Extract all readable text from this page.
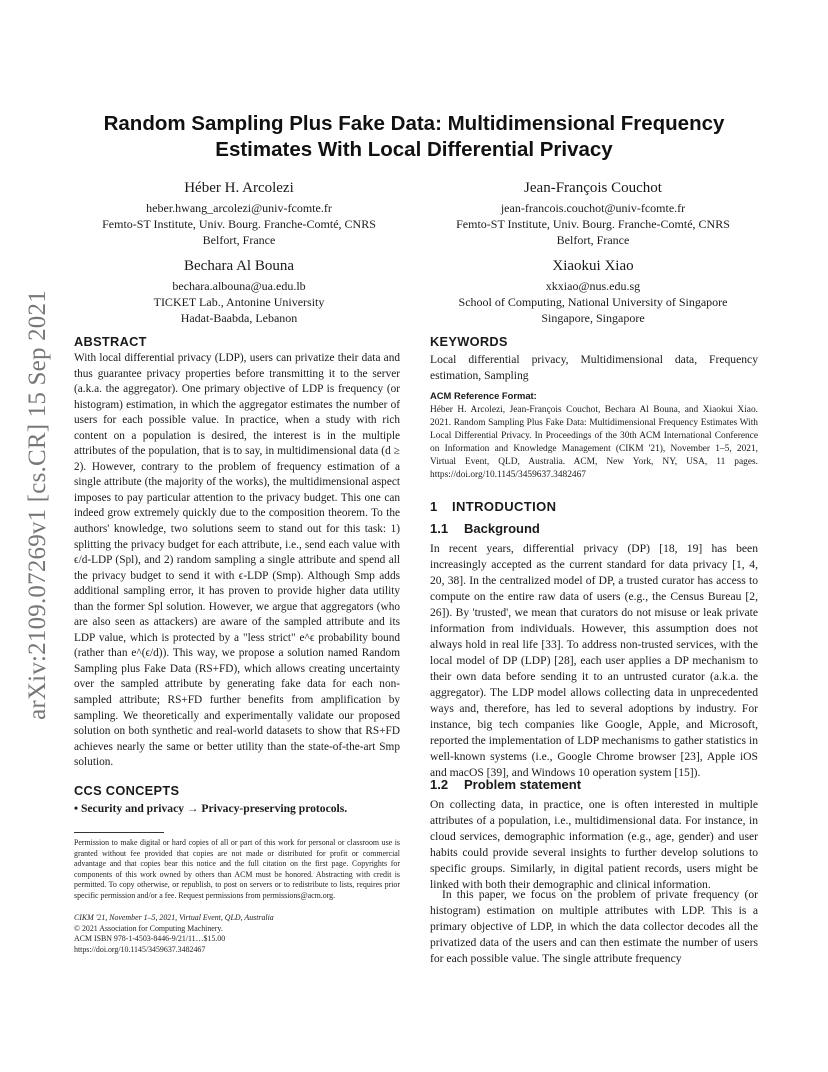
arXiv:2109.07269v1 [cs.CR] 15 Sep 2021
Random Sampling Plus Fake Data: Multidimensional Frequency
Estimates With Local Differential Privacy
Héber H. Arcolezi
heber.hwang_arcolezi@univ-fcomte.fr
Femto-ST Institute, Univ. Bourg. Franche-Comté, CNRS
Belfort, France
Jean-François Couchot
jean-francois.couchot@univ-fcomte.fr
Femto-ST Institute, Univ. Bourg. Franche-Comté, CNRS
Belfort, France
Bechara Al Bouna
bechara.albouna@ua.edu.lb
TICKET Lab., Antonine University
Hadat-Baabda, Lebanon
Xiaokui Xiao
xkxiao@nus.edu.sg
School of Computing, National University of Singapore
Singapore, Singapore
ABSTRACT
With local differential privacy (LDP), users can privatize their data and thus guarantee privacy properties before transmitting it to the server (a.k.a. the aggregator). One primary objective of LDP is frequency (or histogram) estimation, in which the aggregator estimates the number of users for each possible value. In practice, when a study with rich content on a population is desired, the interest is in the multiple attributes of the population, that is to say, in multidimensional data (d ≥ 2). However, contrary to the problem of frequency estimation of a single attribute (the majority of the works), the multidimensional aspect imposes to pay particular attention to the privacy budget. This one can indeed grow extremely quickly due to the composition theorem. To the authors' knowledge, two solutions seem to stand out for this task: 1) splitting the privacy budget for each attribute, i.e., send each value with ϵ/d-LDP (Spl), and 2) random sampling a single attribute and spend all the privacy budget to send it with ϵ-LDP (Smp). Although Smp adds additional sampling error, it has proven to provide higher data utility than the former Spl solution. However, we argue that aggregators (who are also seen as attackers) are aware of the sampled attribute and its LDP value, which is protected by a "less strict" e^ϵ probability bound (rather than e^(ϵ/d)). This way, we propose a solution named Random Sampling plus Fake Data (RS+FD), which allows creating uncertainty over the sampled attribute by generating fake data for each non-sampled attribute; RS+FD further benefits from amplification by sampling. We theoretically and experimentally validate our proposed solution on both synthetic and real-world datasets to show that RS+FD achieves nearly the same or better utility than the state-of-the-art Smp solution.
CCS CONCEPTS
• Security and privacy → Privacy-preserving protocols.
Permission to make digital or hard copies of all or part of this work for personal or classroom use is granted without fee provided that copies are not made or distributed for profit or commercial advantage and that copies bear this notice and the full citation on the first page. Copyrights for components of this work owned by others than ACM must be honored. Abstracting with credit is permitted. To copy otherwise, or republish, to post on servers or to redistribute to lists, requires prior specific permission and/or a fee. Request permissions from permissions@acm.org.
CIKM '21, November 1–5, 2021, Virtual Event, QLD, Australia
© 2021 Association for Computing Machinery.
ACM ISBN 978-1-4503-8446-9/21/11…$15.00
https://doi.org/10.1145/3459637.3482467
KEYWORDS
Local differential privacy, Multidimensional data, Frequency estimation, Sampling
ACM Reference Format:
Héber H. Arcolezi, Jean-François Couchot, Bechara Al Bouna, and Xiaokui Xiao. 2021. Random Sampling Plus Fake Data: Multidimensional Frequency Estimates With Local Differential Privacy. In Proceedings of the 30th ACM International Conference on Information and Knowledge Management (CIKM '21), November 1–5, 2021, Virtual Event, QLD, Australia. ACM, New York, NY, USA, 11 pages. https://doi.org/10.1145/3459637.3482467
1 INTRODUCTION
1.1 Background
In recent years, differential privacy (DP) [18, 19] has been increasingly accepted as the current standard for data privacy [1, 4, 20, 38]. In the centralized model of DP, a trusted curator has access to compute on the entire raw data of users (e.g., the Census Bureau [2, 26]). By 'trusted', we mean that curators do not misuse or leak private information from individuals. However, this assumption does not always hold in real life [33]. To address non-trusted services, with the local model of DP (LDP) [28], each user applies a DP mechanism to their own data before sending it to an untrusted curator (a.k.a. the aggregator). The LDP model allows collecting data in unprecedented ways and, therefore, has led to several adoptions by industry. For instance, big tech companies like Google, Apple, and Microsoft, reported the implementation of LDP mechanisms to gather statistics in well-known systems (i.e., Google Chrome browser [23], Apple iOS and macOS [39], and Windows 10 operation system [15]).
1.2 Problem statement
On collecting data, in practice, one is often interested in multiple attributes of a population, i.e., multidimensional data. For instance, in cloud services, demographic information (e.g., age, gender) and user habits could provide several insights to further develop solutions to specific groups. Similarly, in digital patient records, users might be linked with both their demographic and clinical information.
In this paper, we focus on the problem of private frequency (or histogram) estimation on multiple attributes with LDP. This is a primary objective of LDP, in which the data collector decodes all the privatized data of the users and can then estimate the number of users for each possible value. The single attribute frequency
